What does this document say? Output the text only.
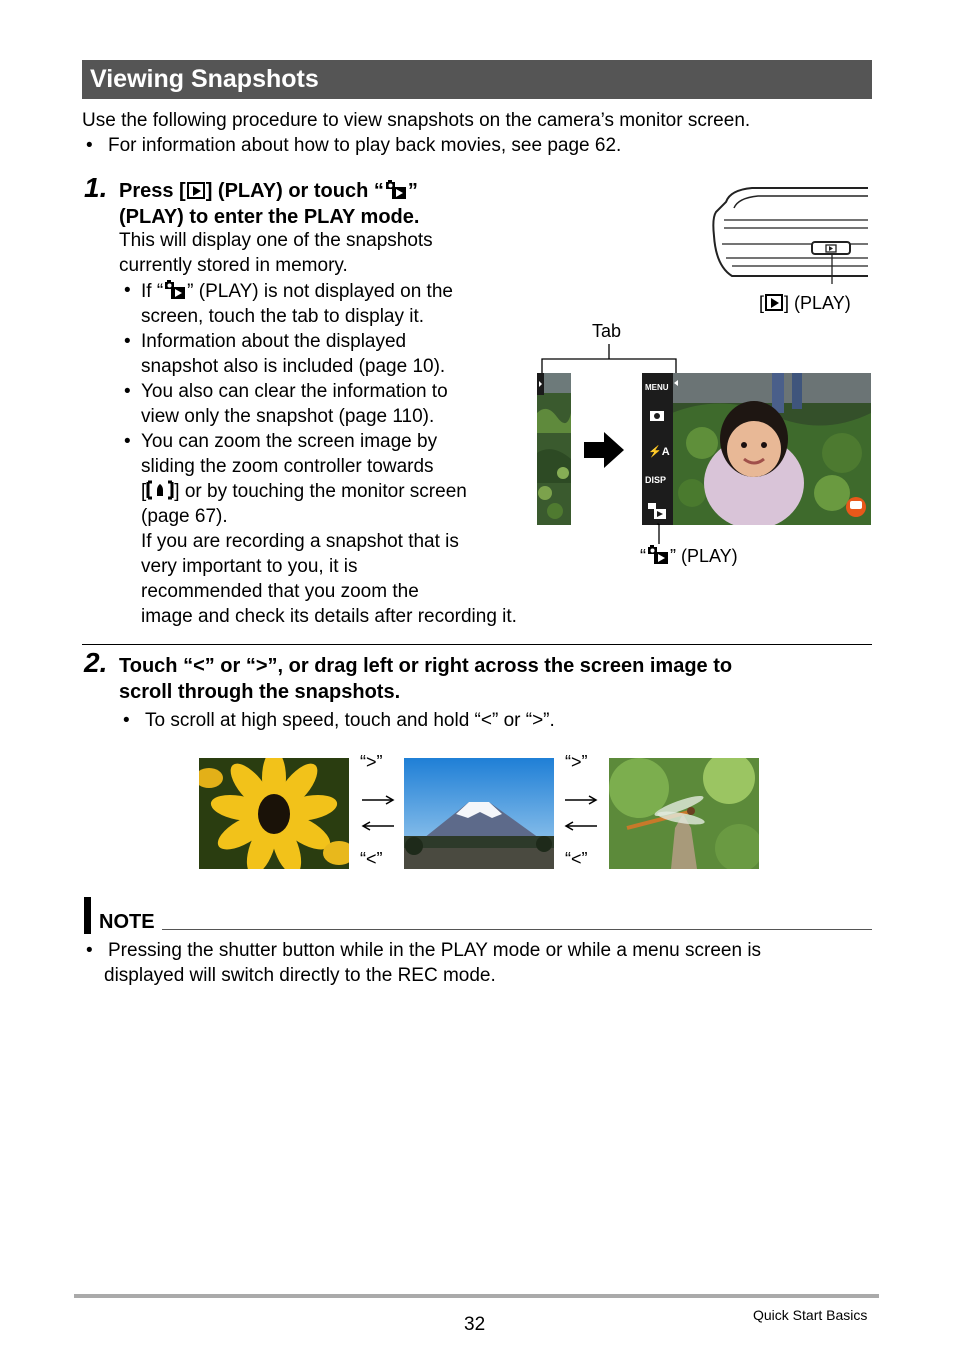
Viewing Snapshots
Use the following procedure to view snapshots on the camera’s monitor screen.
• For information about how to play back movies, see page 62.
1. Press [ ] (PLAY) or touch “ ”
(PLAY) to enter the PLAY mode.
This will display one of the snapshots
currently stored in memory.
• If “ ” (PLAY) is not displayed on the
screen, touch the tab to display it.
• Information about the displayed
snapshot also is included (page 10).
• You also can clear the information to
view only the snapshot (page 110).
• You can zoom the screen image by
sliding the zoom controller towards
[ ] or by touching the monitor screen
(page 67).
If you are recording a snapshot that is
very important to you, it is
recommended that you zoom the
image and check its details after recording it.
[ ] (PLAY)
Tab
MENU
⚡A
DISP
“ ” (PLAY)
2. Touch “<” or “>”, or drag left or right across the screen image to
scroll through the snapshots.
• To scroll at high speed, touch and hold “<” or “>”.
“>”
“<”
“>”
“<”
NOTE
• Pressing the shutter button while in the PLAY mode or while a menu screen is
displayed will switch directly to the REC mode.
32	Quick Start Basics
